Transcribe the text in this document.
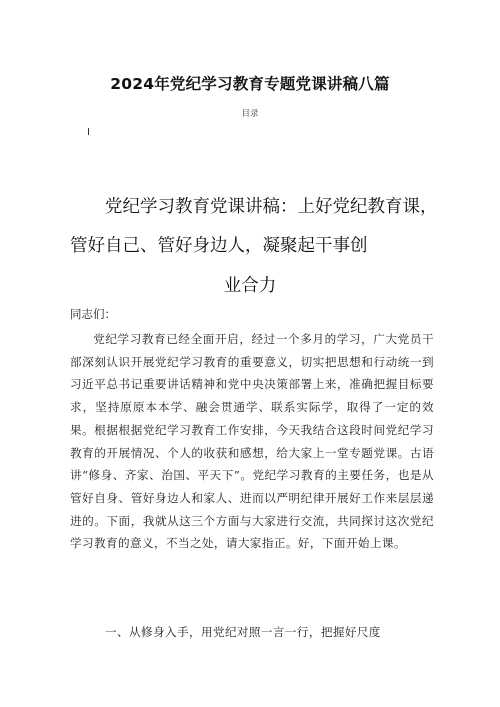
2024年党纪学习教育专题党课讲稿八篇
目录
党纪学习教育党课讲稿：上好党纪教育课，
管好自己、管好身边人，凝聚起干事创
业合力
同志们：

党纪学习教育已经全面开启，经过一个多月的学习，广大党员干部深刻认识开展党纪学习教育的重要意义，切实把思想和行动统一到习近平总书记重要讲话精神和党中央决策部署上来，准确把握目标要求，坚持原原本本学、融会贯通学、联系实际学，取得了一定的效果。根据根据党纪学习教育工作安排，今天我结合这段时间党纪学习教育的开展情况、个人的收获和感想，给大家上一堂专题党课。古语讲“修身、齐家、治国、平天下”。党纪学习教育的主要任务，也是从管好自身、管好身边人和家人、进而以严明纪律开展好工作来层层递进的。下面，我就从这三个方面与大家进行交流，共同探讨这次党纪学习教育的意义，不当之处，请大家指正。好，下面开始上课。

一、从修身入手，用党纪对照一言一行，把握好尺度
